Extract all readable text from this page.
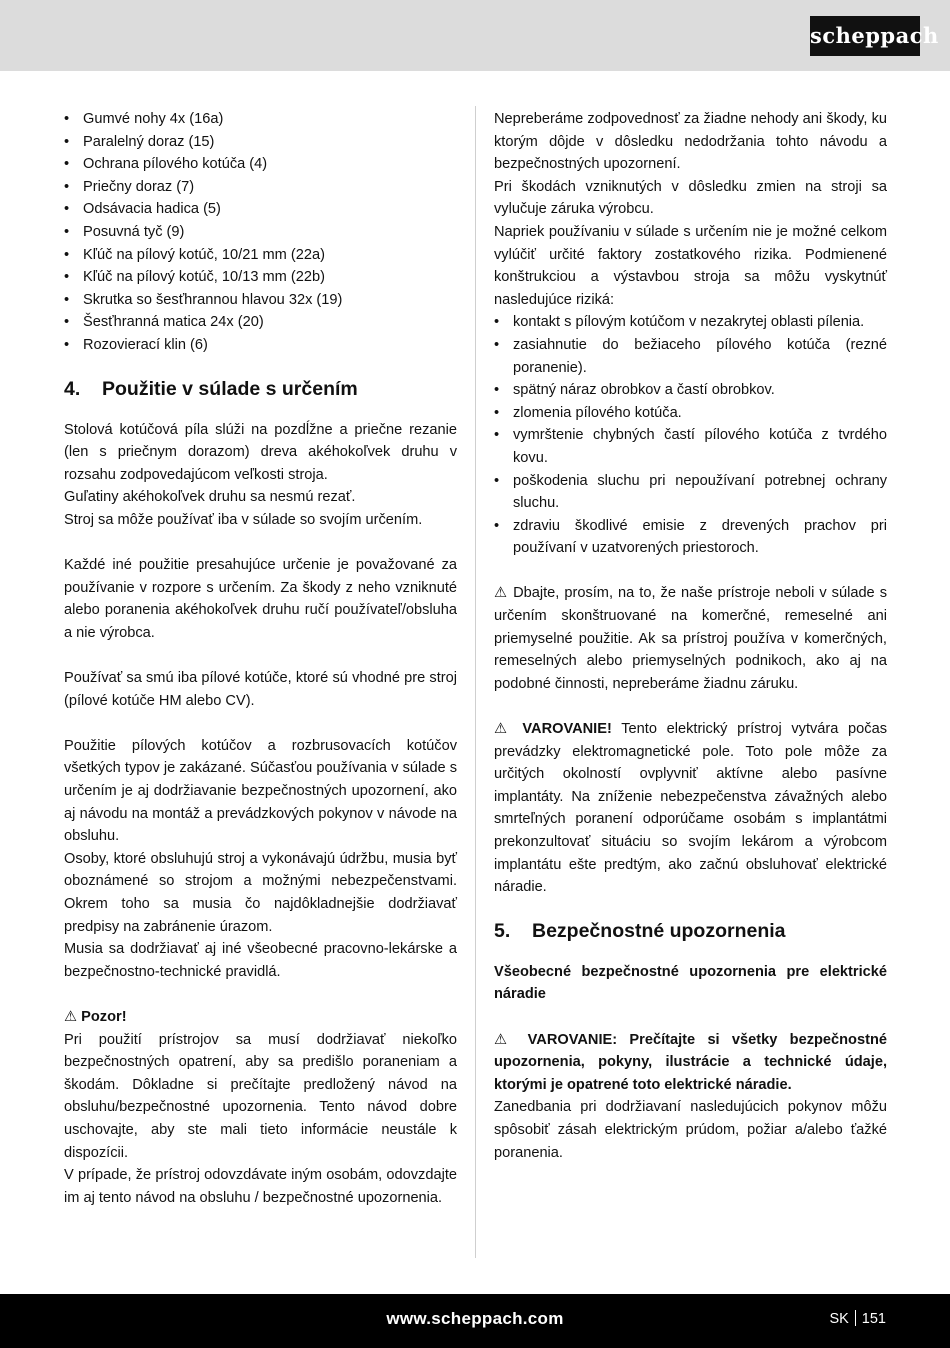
scheppach
• Gumvé nohy 4x (16a)
• Paralelný doraz (15)
• Ochrana pílového kotúča (4)
• Priečny doraz (7)
• Odsávacia hadica (5)
• Posuvná tyč (9)
• Kľúč na pílový kotúč, 10/21 mm (22a)
• Kľúč na pílový kotúč, 10/13 mm (22b)
• Skrutka so šesťhrannou hlavou 32x (19)
• Šesťhranná matica 24x (20)
• Rozovierací klin (6)
4. Použitie v súlade s určením

Stolová kotúčová píla slúži na pozdĺžne a priečne rezanie (len s priečnym dorazom) dreva akéhokoľvek druhu v rozsahu zodpovedajúcom veľkosti stroja.

Guľatiny akéhokoľvek druhu sa nesmú rezať.

Stroj sa môže používať iba v súlade so svojím určením.

Každé iné použitie presahujúce určenie je považované za používanie v rozpore s určením. Za škody z neho vzniknuté alebo poranenia akéhokoľvek druhu ručí používateľ/obsluha a nie výrobca.

Používať sa smú iba pílové kotúče, ktoré sú vhodné pre stroj (pílové kotúče HM alebo CV).

Použitie pílových kotúčov a rozbrusovacích kotúčov všetkých typov je zakázané. Súčasťou používania v súlade s určením je aj dodržiavanie bezpečnostných upozornení, ako aj návodu na montáž a prevádzkových pokynov v návode na obsluhu.

Osoby, ktoré obsluhujú stroj a vykonávajú údržbu, musia byť oboznámené so strojom a možnými nebezpečenstvami. Okrem toho sa musia čo najdôkladnejšie dodržiavať predpisy na zabránenie úrazom.

Musia sa dodržiavať aj iné všeobecné pracovno-lekárske a bezpečnostno-technické pravidlá.

⚠ Pozor!

Pri použití prístrojov sa musí dodržiavať niekoľko bezpečnostných opatrení, aby sa predišlo poraneniam a škodám. Dôkladne si prečítajte predložený návod na obsluhu/bezpečnostné upozornenia. Tento návod dobre uschovajte, aby ste mali tieto informácie neustále k dispozícii.

V prípade, že prístroj odovzdávate iným osobám, odovzdajte im aj tento návod na obsluhu / bezpečnostné upozornenia.

Nepreberáme zodpovednosť za žiadne nehody ani škody, ku ktorým dôjde v dôsledku nedodržania tohto návodu a bezpečnostných upozornení.

Pri škodách vzniknutých v dôsledku zmien na stroji sa vylučuje záruka výrobcu.

Napriek používaniu v súlade s určením nie je možné celkom vylúčiť určité faktory zostatkového rizika. Podmienené konštrukciou a výstavbou stroja sa môžu vyskytnúť nasledujúce riziká:

• kontakt s pílovým kotúčom v nezakrytej oblasti pílenia.
• zasiahnutie do bežiaceho pílového kotúča (rezné poranenie).
• spätný náraz obrobkov a častí obrobkov.
• zlomenia pílového kotúča.
• vymrštenie chybných častí pílového kotúča z tvrdého kovu.
• poškodenia sluchu pri nepoužívaní potrebnej ochrany sluchu.
• zdraviu škodlivé emisie z drevených prachov pri používaní v uzatvorených priestoroch.

⚠ Dbajte, prosím, na to, že naše prístroje neboli v súlade s určením skonštruované na komerčné, remeselné ani priemyselné použitie. Ak sa prístroj používa v komerčných, remeselných alebo priemyselných podnikoch, ako aj na podobné činnosti, nepreberáme žiadnu záruku.

⚠ VAROVANIE! Tento elektrický prístroj vytvára počas prevádzky elektromagnetické pole. Toto pole môže za určitých okolností ovplyvniť aktívne alebo pasívne implantáty. Na zníženie nebezpečenstva závažných alebo smrteľných poranení odporúčame osobám s implantátmi prekonzultovať situáciu so svojím lekárom a výrobcom implantátu ešte predtým, ako začnú obsluhovať elektrické náradie.

5. Bezpečnostné upozornenia

Všeobecné bezpečnostné upozornenia pre elektrické náradie

⚠ VAROVANIE: Prečítajte si všetky bezpečnostné upozornenia, pokyny, ilustrácie a technické údaje, ktorými je opatrené toto elektrické náradie.

Zanedbania pri dodržiavaní nasledujúcich pokynov môžu spôsobiť zásah elektrickým prúdom, požiar a/alebo ťažké poranenia.

www.scheppach.com	SK 151
